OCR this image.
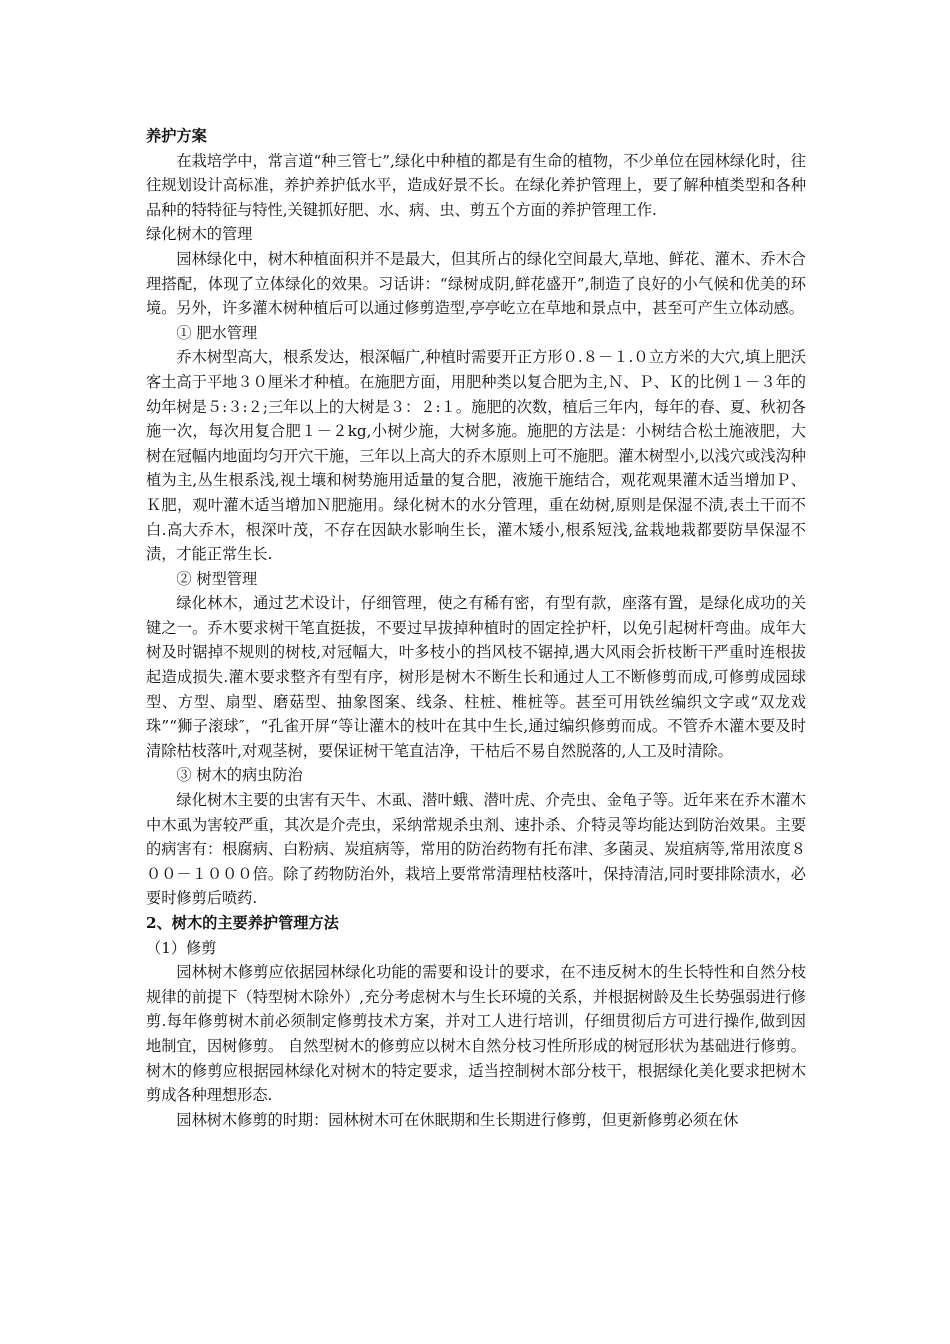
养护方案

在栽培学中，常言道“种三管七”,绿化中种植的都是有生命的植物，不少单位在园林绿化时，往往规划设计高标准，养护养护低水平，造成好景不长。在绿化养护管理上，要了解种植类型和各种品种的特特征与特性,关键抓好肥、水、病、虫、剪五个方面的养护管理工作.

绿化树木的管理

园林绿化中，树木种植面积并不是最大，但其所占的绿化空间最大,草地、鲜花、灌木、乔木合理搭配，体现了立体绿化的效果。习话讲：“绿树成阴,鲜花盛开”,制造了良好的小气候和优美的环境。另外，许多灌木树种植后可以通过修剪造型,亭亭屹立在草地和景点中，甚至可产生立体动感。

① 肥水管理

乔木树型高大，根系发达，根深幅广,种植时需要开正方形０.８－１.０立方米的大穴,填上肥沃客土高于平地３０厘米才种植。在施肥方面，用肥种类以复合肥为主,Ｎ、Ｐ、Ｋ的比例１－３年的幼年树是５:３:２;三年以上的大树是３：２:１。施肥的次数，植后三年内，每年的春、夏、秋初各施一次，每次用复合肥１－２kg,小树少施，大树多施。施肥的方法是：小树结合松土施液肥，大树在冠幅内地面均匀开穴干施，三年以上高大的乔木原则上可不施肥。灌木树型小,以浅穴或浅沟种植为主,丛生根系浅,视土壤和树势施用适量的复合肥，液施干施结合，观花观果灌木适当增加Ｐ、Ｋ肥，观叶灌木适当增加Ｎ肥施用。绿化树木的水分管理，重在幼树,原则是保湿不渍,表土干而不白.高大乔木，根深叶茂，不存在因缺水影响生长，灌木矮小,根系短浅,盆栽地栽都要防旱保湿不渍，才能正常生长.

② 树型管理

绿化林木，通过艺术设计，仔细管理，使之有稀有密，有型有款，座落有置，是绿化成功的关键之一。乔木要求树干笔直挺拔，不要过早拔掉种植时的固定拴护杆，以免引起树杆弯曲。成年大树及时锯掉不规则的树枝,对冠幅大，叶多枝小的挡风枝不锯掉,遇大风雨会折枝断干严重时连根拔起造成损失.灌木要求整齐有型有序，树形是树木不断生长和通过人工不断修剪而成,可修剪成园球型、方型、扇型、磨菇型、抽象图案、线条、柱桩、椎桩等。甚至可用铁丝编织文字或“双龙戏珠”“狮子滚球″，“孔雀开屏“等让灌木的枝叶在其中生长,通过编织修剪而成。不管乔木灌木要及时清除枯枝落叶,对观茎树，要保证树干笔直洁净，干枯后不易自然脱落的,人工及时清除。

③ 树木的病虫防治

绿化树木主要的虫害有天牛、木虱、潜叶蛾、潜叶虎、介壳虫、金龟子等。近年来在乔木灌木中木虱为害较严重，其次是介壳虫，采纳常规杀虫剂、速扑杀、介特灵等均能达到防治效果。主要的病害有：根腐病、白粉病、炭疽病等，常用的防治药物有托布津、多菌灵、炭疽病等,常用浓度８００－１０００倍。除了药物防治外，栽培上要常常清理枯枝落叶，保持清洁,同时要排除渍水，必要时修剪后喷药.

2、树木的主要养护管理方法

（1）修剪

园林树木修剪应依据园林绿化功能的需要和设计的要求，在不违反树木的生长特性和自然分枝规律的前提下（特型树木除外）,充分考虑树木与生长环境的关系，并根据树龄及生长势强弱进行修剪.每年修剪树木前必须制定修剪技术方案，并对工人进行培训，仔细贯彻后方可进行操作,做到因地制宜，因树修剪。 自然型树木的修剪应以树木自然分枝习性所形成的树冠形状为基础进行修剪。树木的修剪应根据园林绿化对树木的特定要求，适当控制树木部分枝干，根据绿化美化要求把树木剪成各种理想形态.

园林树木修剪的时期：园林树木可在休眠期和生长期进行修剪，但更新修剪必须在休
